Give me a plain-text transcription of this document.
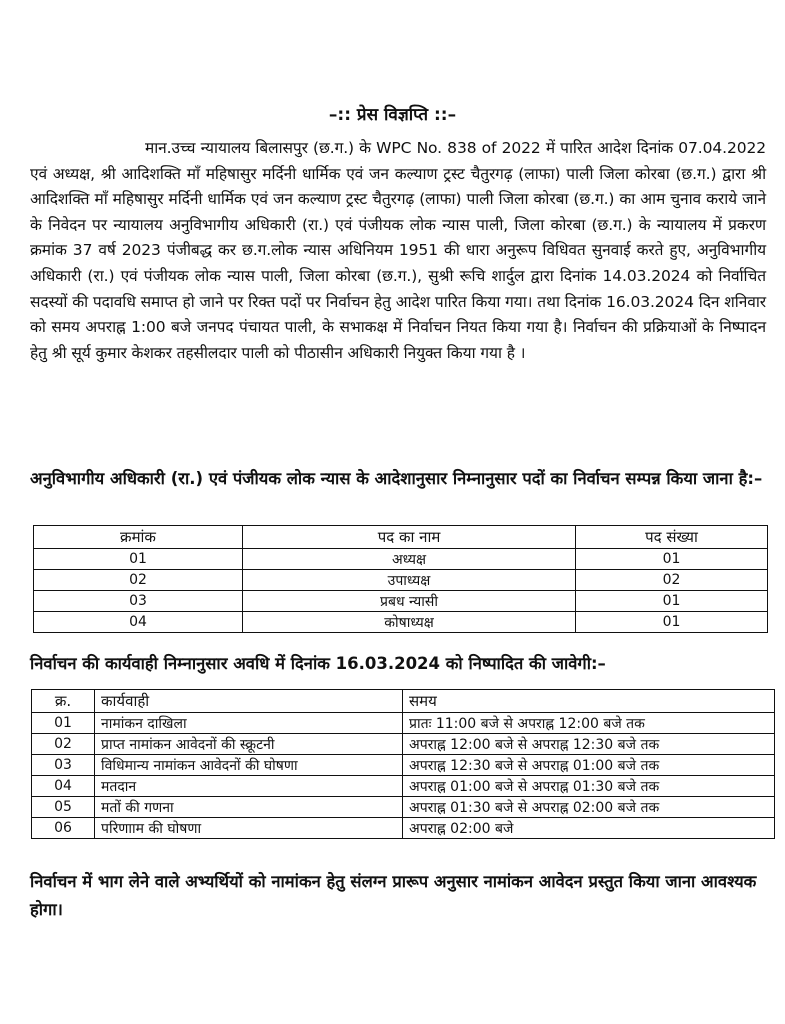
–:: प्रेस विज्ञप्ति ::–

मान.उच्च न्यायालय बिलासपुर (छ.ग.) के WPC No. 838 of 2022 में पारित आदेश दिनांक 07.04.2022 एवं अध्यक्ष, श्री आदिशक्ति माँ महिषासुर मर्दिनी धार्मिक एवं जन कल्याण ट्रस्ट चैतुरगढ़ (लाफा) पाली जिला कोरबा (छ.ग.) द्वारा श्री आदिशक्ति माँ महिषासुर मर्दिनी धार्मिक एवं जन कल्याण ट्रस्ट चैतुरगढ़ (लाफा) पाली जिला कोरबा (छ.ग.) का आम चुनाव कराये जाने के निवेदन पर न्यायालय अनुविभागीय अधिकारी (रा.) एवं पंजीयक लोक न्यास पाली, जिला कोरबा (छ.ग.) के न्यायालय में प्रकरण क्रमांक 37 वर्ष 2023 पंजीबद्ध कर छ.ग.लोक न्यास अधिनियम 1951 की धारा अनुरूप विधिवत सुनवाई करते हुए, अनुविभागीय अधिकारी (रा.) एवं पंजीयक लोक न्यास पाली, जिला कोरबा (छ.ग.), सुश्री रूचि शार्दुल द्वारा दिनांक 14.03.2024 को निर्वाचित सदस्यों की पदावधि समाप्त हो जाने पर रिक्त पदों पर निर्वाचन हेतु आदेश पारित किया गया। तथा दिनांक 16.03.2024 दिन शनिवार को समय अपराह्न 1:00 बजे जनपद पंचायत पाली, के सभाकक्ष में निर्वाचन नियत किया गया है। निर्वाचन की प्रक्रियाओं के निष्पादन हेतु श्री सूर्य कुमार केशकर तहसीलदार पाली को पीठासीन अधिकारी नियुक्त किया गया है ।

अनुविभागीय अधिकारी (रा.) एवं पंजीयक लोक न्यास के आदेशानुसार निम्नानुसार पदों का निर्वाचन सम्पन्न किया जाना है:–

क्रमांक	पद का नाम	पद संख्या
01	अध्यक्ष	01
02	उपाध्यक्ष	02
03	प्रबध न्यासी	01
04	कोषाध्यक्ष	01

निर्वाचन की कार्यवाही निम्नानुसार अवधि में दिनांक 16.03.2024 को निष्पादित की जावेगी:–

क्र.	कार्यवाही	समय
01	नामांकन दाखिला	प्रातः 11:00 बजे से अपराह्न 12:00 बजे तक
02	प्राप्त नामांकन आवेदनों की स्क्रूटनी	अपराह्न 12:00 बजे से अपराह्न 12:30 बजे तक
03	विधिमान्य नामांकन आवेदनों की घोषणा	अपराह्न 12:30 बजे से अपराह्न 01:00 बजे तक
04	मतदान	अपराह्न 01:00 बजे से अपराह्न 01:30 बजे तक
05	मतों की गणना	अपराह्न 01:30 बजे से अपराह्न 02:00 बजे तक
06	परिणााम की घोषणा	अपराह्न 02:00 बजे

निर्वाचन में भाग लेने वाले अभ्यर्थियों को नामांकन हेतु संलग्न प्रारूप अनुसार नामांकन आवेदन प्रस्तुत किया जाना आवश्यक होगा।
